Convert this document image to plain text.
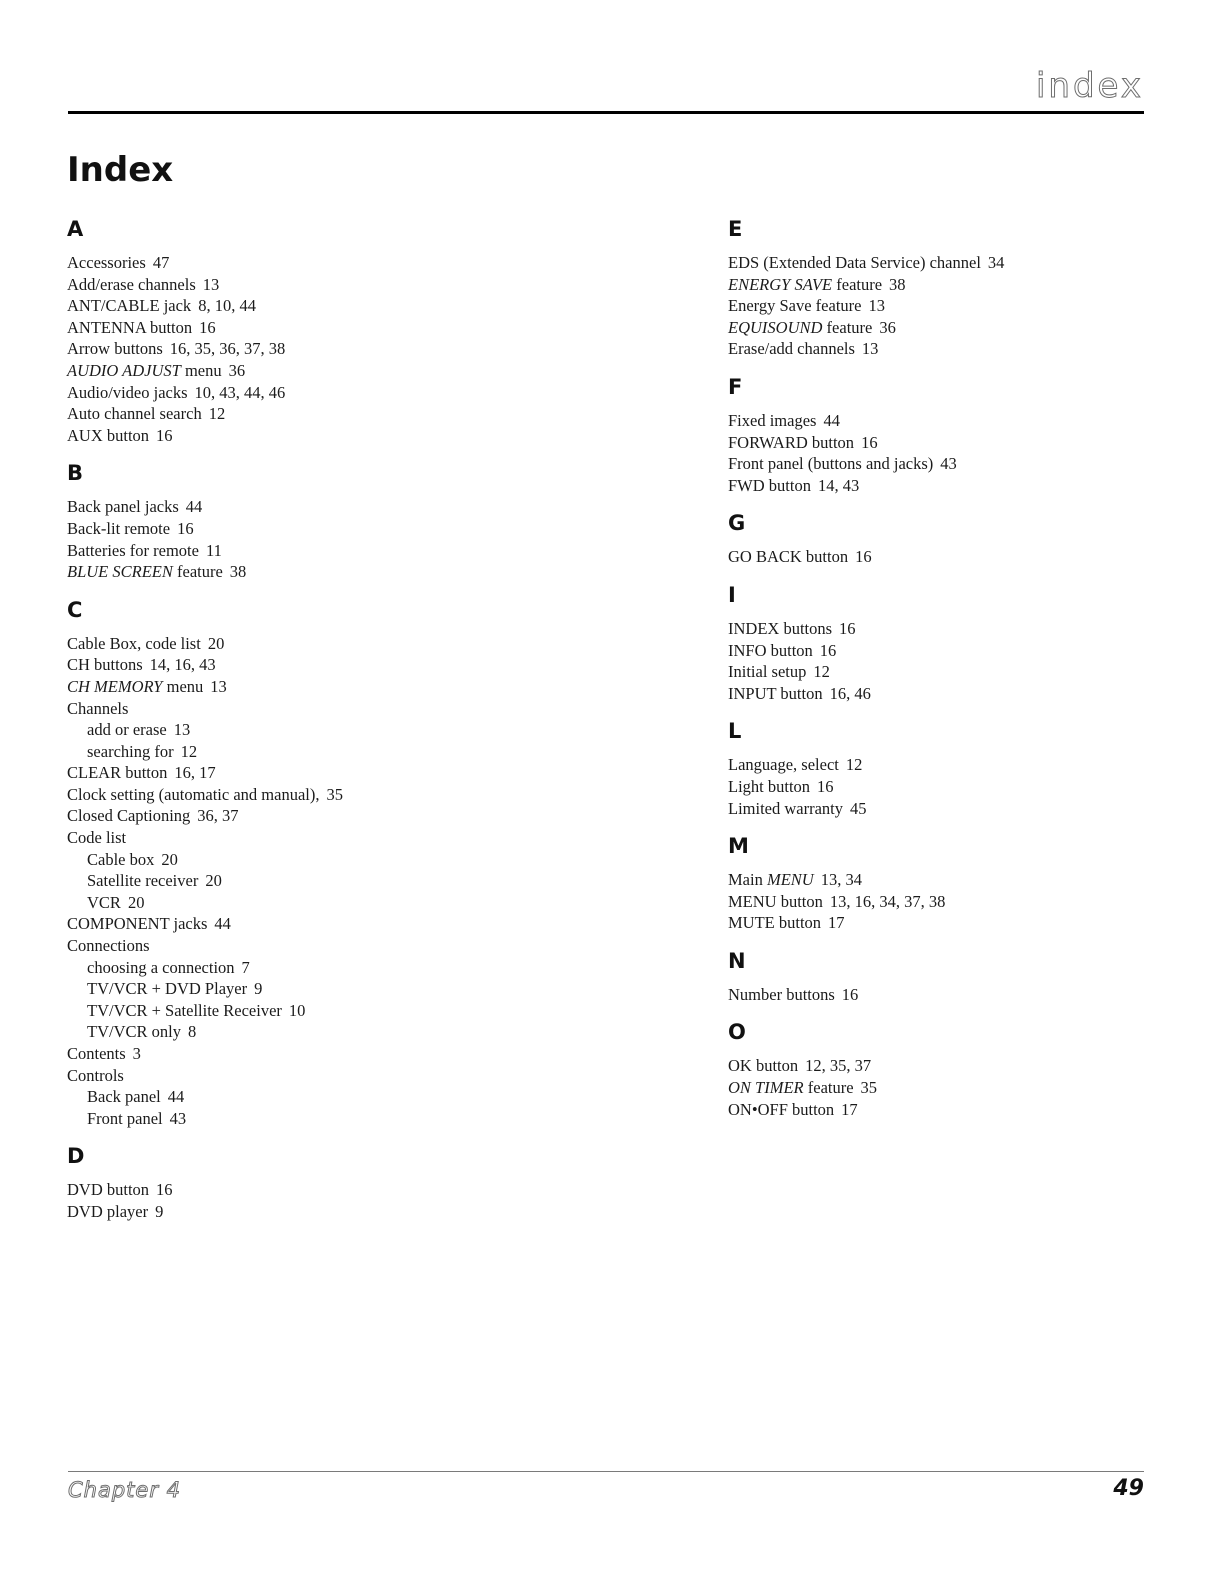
index
Index
A
Accessories 47
Add/erase channels 13
ANT/CABLE jack 8, 10, 44
ANTENNA button 16
Arrow buttons 16, 35, 36, 37, 38
AUDIO ADJUST menu 36
Audio/video jacks 10, 43, 44, 46
Auto channel search 12
AUX button 16
B
Back panel jacks 44
Back-lit remote 16
Batteries for remote 11
BLUE SCREEN feature 38
C
Cable Box, code list 20
CH buttons 14, 16, 43
CH MEMORY menu 13
Channels
add or erase 13
searching for 12
CLEAR button 16, 17
Clock setting (automatic and manual), 35
Closed Captioning 36, 37
Code list
Cable box 20
Satellite receiver 20
VCR 20
COMPONENT jacks 44
Connections
choosing a connection 7
TV/VCR + DVD Player 9
TV/VCR + Satellite Receiver 10
TV/VCR only 8
Contents 3
Controls
Back panel 44
Front panel 43
D
DVD button 16
DVD player 9
E
EDS (Extended Data Service) channel 34
ENERGY SAVE feature 38
Energy Save feature 13
EQUISOUND feature 36
Erase/add channels 13
F
Fixed images 44
FORWARD button 16
Front panel (buttons and jacks) 43
FWD button 14, 43
G
GO BACK button 16
I
INDEX buttons 16
INFO button 16
Initial setup 12
INPUT button 16, 46
L
Language, select 12
Light button 16
Limited warranty 45
M
Main MENU 13, 34
MENU button 13, 16, 34, 37, 38
MUTE button 17
N
Number buttons 16
O
OK button 12, 35, 37
ON TIMER feature 35
ON•OFF button 17
Chapter 4	49
